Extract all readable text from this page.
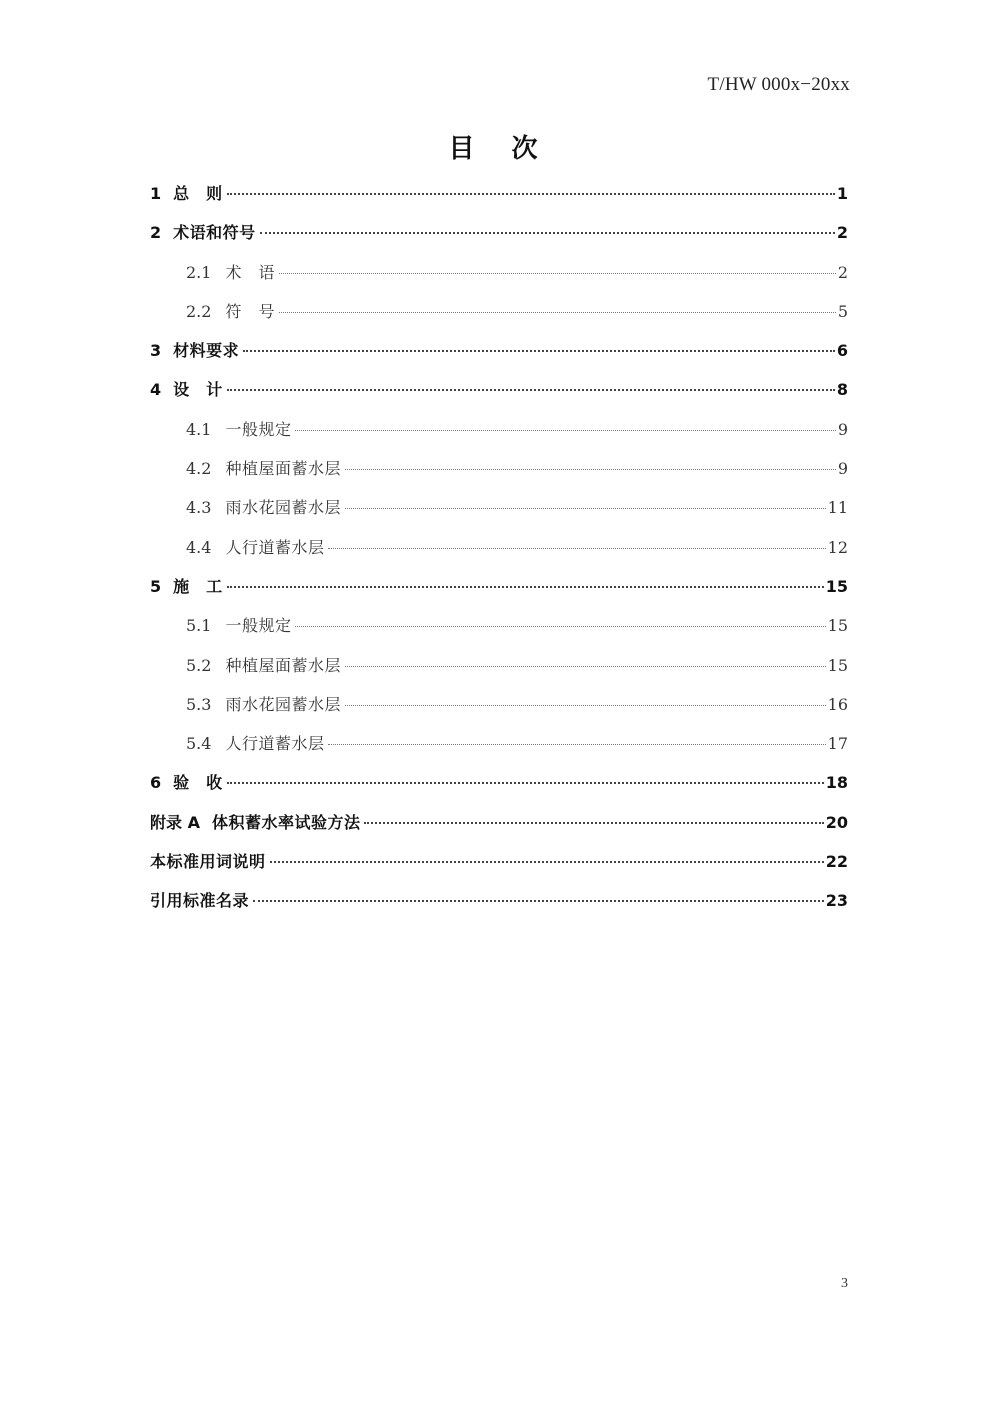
T/HW 000x−20xx
目 次
1 总　则	1
2 术语和符号	2
2.1 术　语	2
2.2 符　号	5
3 材料要求	6
4 设　计	8
4.1 一般规定	9
4.2 种植屋面蓄水层	9
4.3 雨水花园蓄水层	11
4.4 人行道蓄水层	12
5 施　工	15
5.1 一般规定	15
5.2 种植屋面蓄水层	15
5.3 雨水花园蓄水层	16
5.4 人行道蓄水层	17
6 验　收	18
附录 A 体积蓄水率试验方法	20
本标准用词说明	22
引用标准名录	23
3
